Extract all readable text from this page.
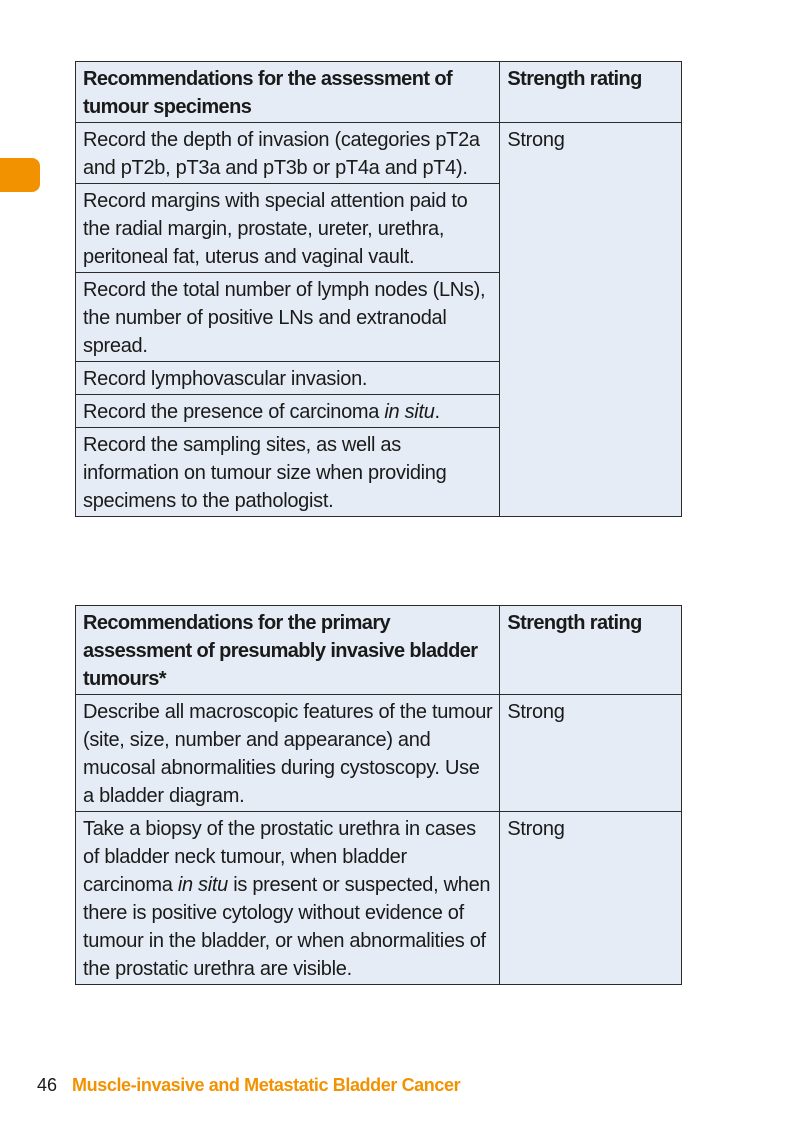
Recommendations for the assessment of tumour specimens	Strength rating
Record the depth of invasion (categories pT2a and pT2b, pT3a and pT3b or pT4a and pT4).	Strong
Record margins with special attention paid to the radial margin, prostate, ureter, urethra, peritoneal fat, uterus and vaginal vault.	
Record the total number of lymph nodes (LNs), the number of positive LNs and extranodal spread.	
Record lymphovascular invasion.	
Record the presence of carcinoma in situ.	
Record the sampling sites, as well as information on tumour size when providing specimens to the pathologist.	
Recommendations for the primary assessment of presumably invasive bladder tumours*	Strength rating
Describe all macroscopic features of the tumour (site, size, number and appearance) and mucosal abnormalities during cystoscopy. Use a bladder diagram.	Strong
Take a biopsy of the prostatic urethra in cases of bladder neck tumour, when bladder carcinoma in situ is present or suspected, when there is positive cytology without evidence of tumour in the bladder, or when abnormalities of the prostatic urethra are visible.	Strong
46 Muscle-invasive and Metastatic Bladder Cancer
